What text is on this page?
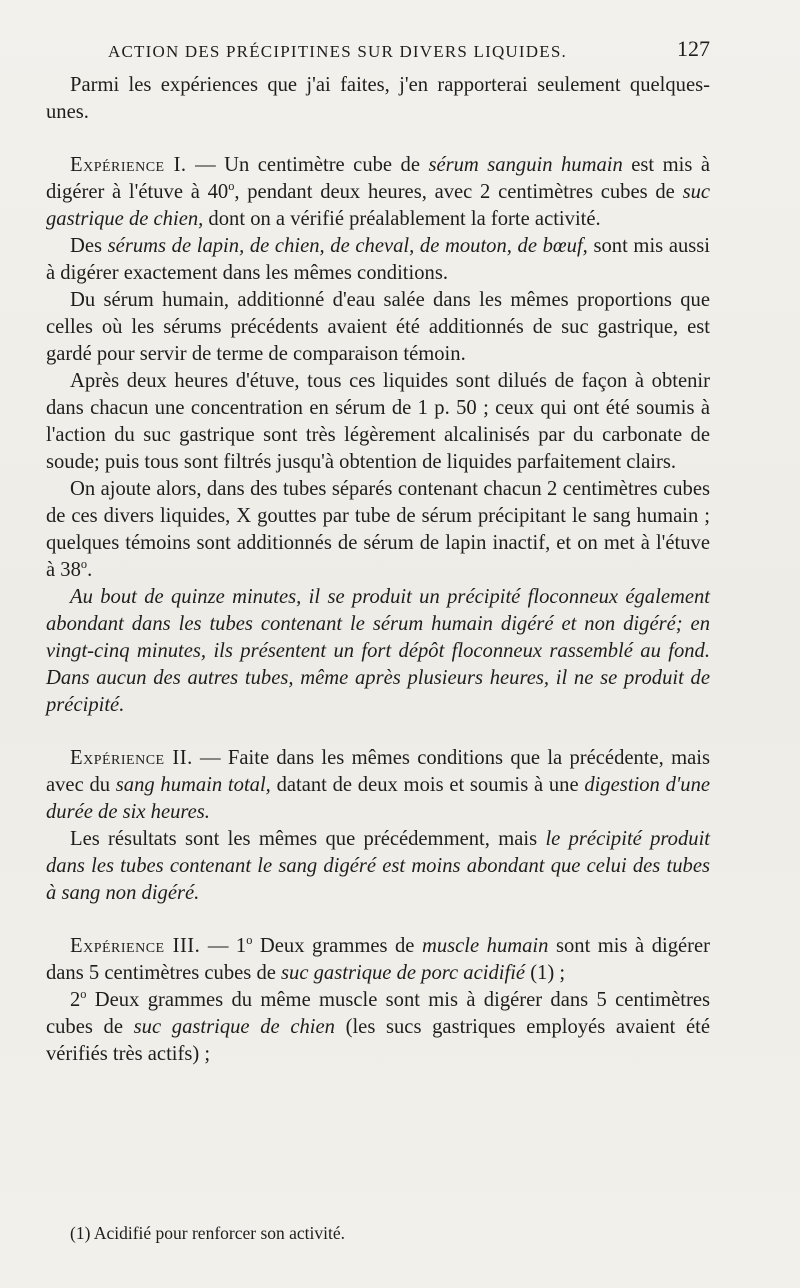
ACTION DES PRÉCIPITINES SUR DIVERS LIQUIDES.	127

Parmi les expériences que j'ai faites, j'en rapporterai seulement quelques-unes.

Expérience I. — Un centimètre cube de sérum sanguin humain est mis à digérer à l'étuve à 40$^o$, pendant deux heures, avec 2 centimètres cubes de suc gastrique de chien, dont on a vérifié préalablement la forte activité.

Des sérums de lapin, de chien, de cheval, de mouton, de bœuf, sont mis aussi à digérer exactement dans les mêmes conditions.

Du sérum humain, additionné d'eau salée dans les mêmes proportions que celles où les sérums précédents avaient été additionnés de suc gastrique, est gardé pour servir de terme de comparaison témoin.

Après deux heures d'étuve, tous ces liquides sont dilués de façon à obtenir dans chacun une concentration en sérum de 1 p. 50 ; ceux qui ont été soumis à l'action du suc gastrique sont très légèrement alcalinisés par du carbonate de soude; puis tous sont filtrés jusqu'à obtention de liquides parfaitement clairs.

On ajoute alors, dans des tubes séparés contenant chacun 2 centimètres cubes de ces divers liquides, X gouttes par tube de sérum précipitant le sang humain ; quelques témoins sont additionnés de sérum de lapin inactif, et on met à l'étuve à 38$^o$.

Au bout de quinze minutes, il se produit un précipité floconneux également abondant dans les tubes contenant le sérum humain digéré et non digéré; en vingt-cinq minutes, ils présentent un fort dépôt floconneux rassemblé au fond. Dans aucun des autres tubes, même après plusieurs heures, il ne se produit de précipité.

Expérience II. — Faite dans les mêmes conditions que la précédente, mais avec du sang humain total, datant de deux mois et soumis à une digestion d'une durée de six heures.

Les résultats sont les mêmes que précédemment, mais le précipité produit dans les tubes contenant le sang digéré est moins abondant que celui des tubes à sang non digéré.

Expérience III. — 1$^o$ Deux grammes de muscle humain sont mis à digérer dans 5 centimètres cubes de suc gastrique de porc acidifié (1) ;

2$^o$ Deux grammes du même muscle sont mis à digérer dans 5 centimètres cubes de suc gastrique de chien (les sucs gastriques employés avaient été vérifiés très actifs) ;

(1) Acidifié pour renforcer son activité.
